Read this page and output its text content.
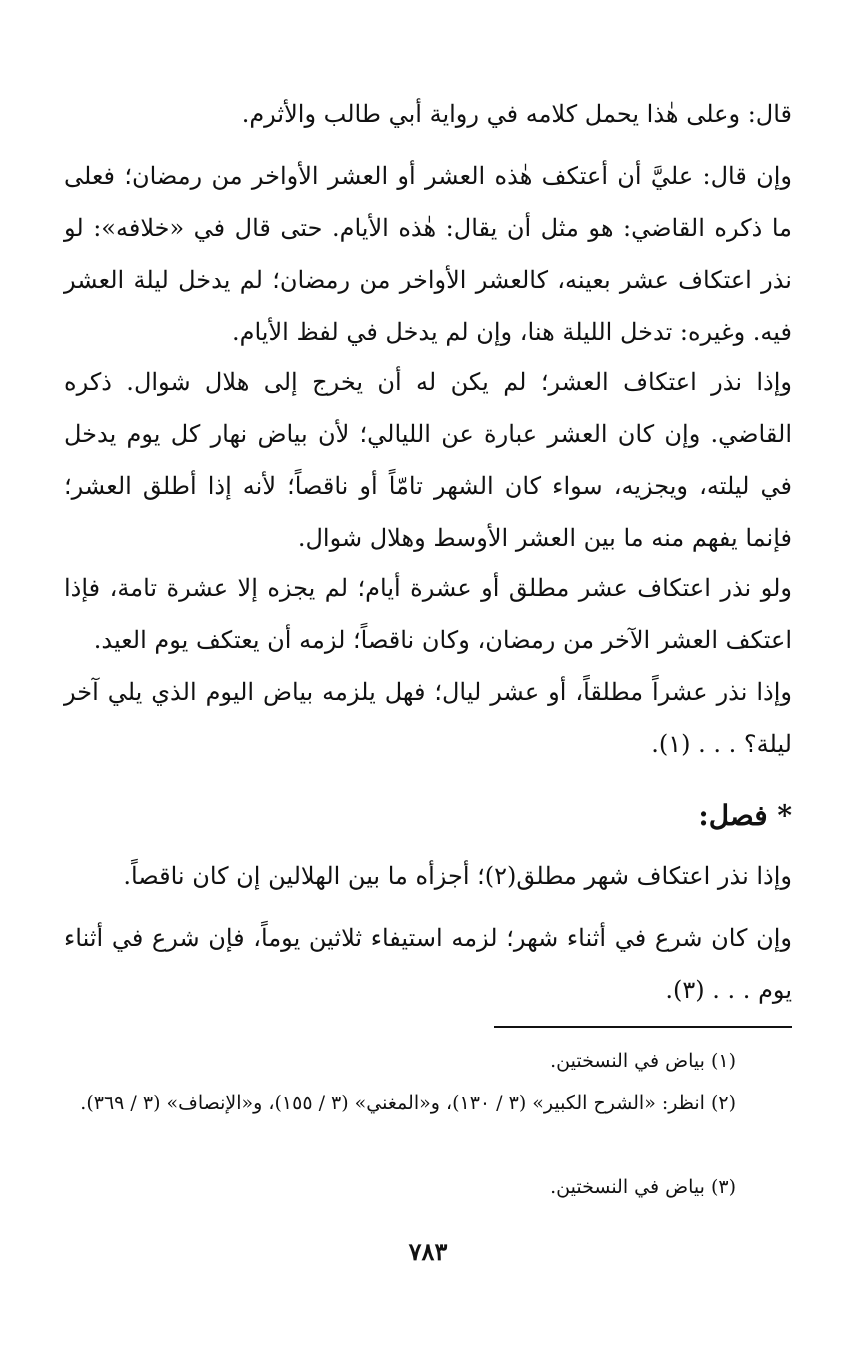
قال: وعلى هٰذا يحمل كلامه في رواية أبي طالب والأثرم.

وإن قال: عليَّ أن أعتكف هٰذه العشر أو العشر الأواخر من رمضان؛ فعلى ما ذكره القاضي: هو مثل أن يقال: هٰذه الأيام. حتى قال في «خلافه»: لو نذر اعتكاف عشر بعينه، كالعشر الأواخر من رمضان؛ لم يدخل ليلة العشر فيه. وغيره: تدخل الليلة هنا، وإن لم يدخل في لفظ الأيام.

وإذا نذر اعتكاف العشر؛ لم يكن له أن يخرج إلى هلال شوال. ذكره القاضي. وإن كان العشر عبارة عن الليالي؛ لأن بياض نهار كل يوم يدخل في ليلته، ويجزيه، سواء كان الشهر تامّاً أو ناقصاً؛ لأنه إذا أطلق العشر؛ فإنما يفهم منه ما بين العشر الأوسط وهلال شوال.

ولو نذر اعتكاف عشر مطلق أو عشرة أيام؛ لم يجزه إلا عشرة تامة، فإذا اعتكف العشر الآخر من رمضان، وكان ناقصاً؛ لزمه أن يعتكف يوم العيد.

وإذا نذر عشراً مطلقاً، أو عشر ليال؛ فهل يلزمه بياض اليوم الذي يلي آخر ليلة؟ . . . (١).

* فصل:

وإذا نذر اعتكاف شهر مطلق(٢)؛ أجزأه ما بين الهلالين إن كان ناقصاً.

وإن كان شرع في أثناء شهر؛ لزمه استيفاء ثلاثين يوماً، فإن شرع في أثناء يوم . . . (٣).

(١) بياض في النسختين.

(٢) انظر: «الشرح الكبير» (٣ / ١٣٠)، و«المغني» (٣ / ١٥٥)، و«الإنصاف» (٣ / ٣٦٩).

(٣) بياض في النسختين.

٧٨٣
